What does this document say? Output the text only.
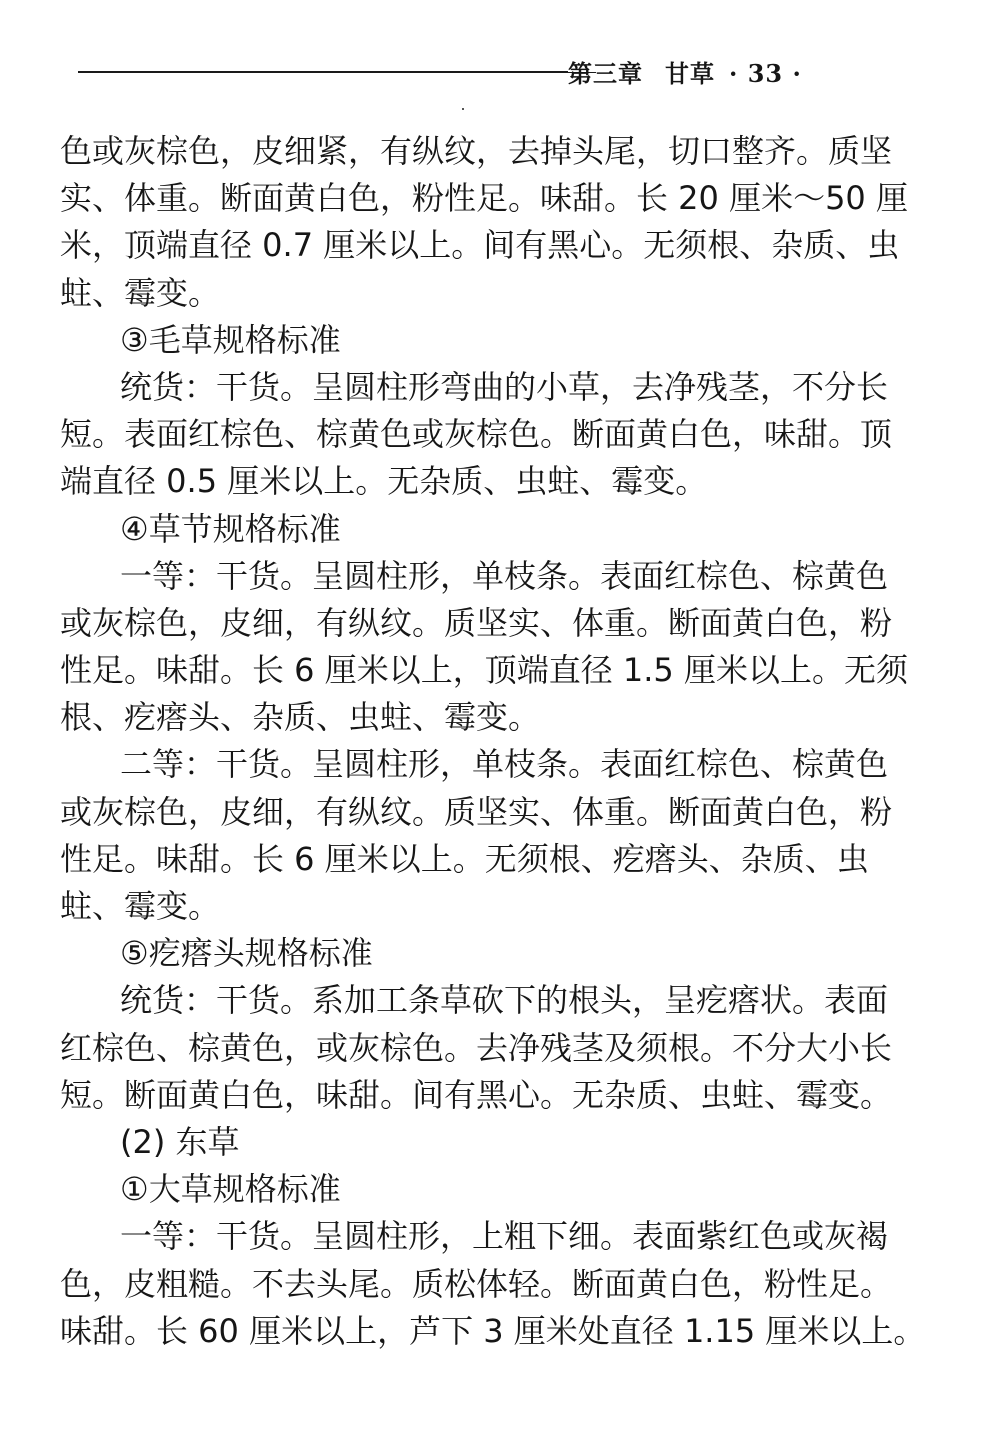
第三章 甘草 · 33 ·
色或灰棕色，皮细紧，有纵纹，去掉头尾，切口整齐。质坚
实、体重。断面黄白色，粉性足。味甜。长 20 厘米～50 厘
米，顶端直径 0.7 厘米以上。间有黑心。无须根、杂质、虫
蛀、霉变。
③毛草规格标准
统货：干货。呈圆柱形弯曲的小草，去净残茎，不分长
短。表面红棕色、棕黄色或灰棕色。断面黄白色，味甜。顶
端直径 0.5 厘米以上。无杂质、虫蛀、霉变。
④草节规格标准
一等：干货。呈圆柱形，单枝条。表面红棕色、棕黄色
或灰棕色，皮细，有纵纹。质坚实、体重。断面黄白色，粉
性足。味甜。长 6 厘米以上，顶端直径 1.5 厘米以上。无须
根、疙瘩头、杂质、虫蛀、霉变。
二等：干货。呈圆柱形，单枝条。表面红棕色、棕黄色
或灰棕色，皮细，有纵纹。质坚实、体重。断面黄白色，粉
性足。味甜。长 6 厘米以上。无须根、疙瘩头、杂质、虫
蛀、霉变。
⑤疙瘩头规格标准
统货：干货。系加工条草砍下的根头，呈疙瘩状。表面
红棕色、棕黄色，或灰棕色。去净残茎及须根。不分大小长
短。断面黄白色，味甜。间有黑心。无杂质、虫蛀、霉变。
(2) 东草
①大草规格标准
一等：干货。呈圆柱形，上粗下细。表面紫红色或灰褐
色，皮粗糙。不去头尾。质松体轻。断面黄白色，粉性足。
味甜。长 60 厘米以上，芦下 3 厘米处直径 1.15 厘米以上。
